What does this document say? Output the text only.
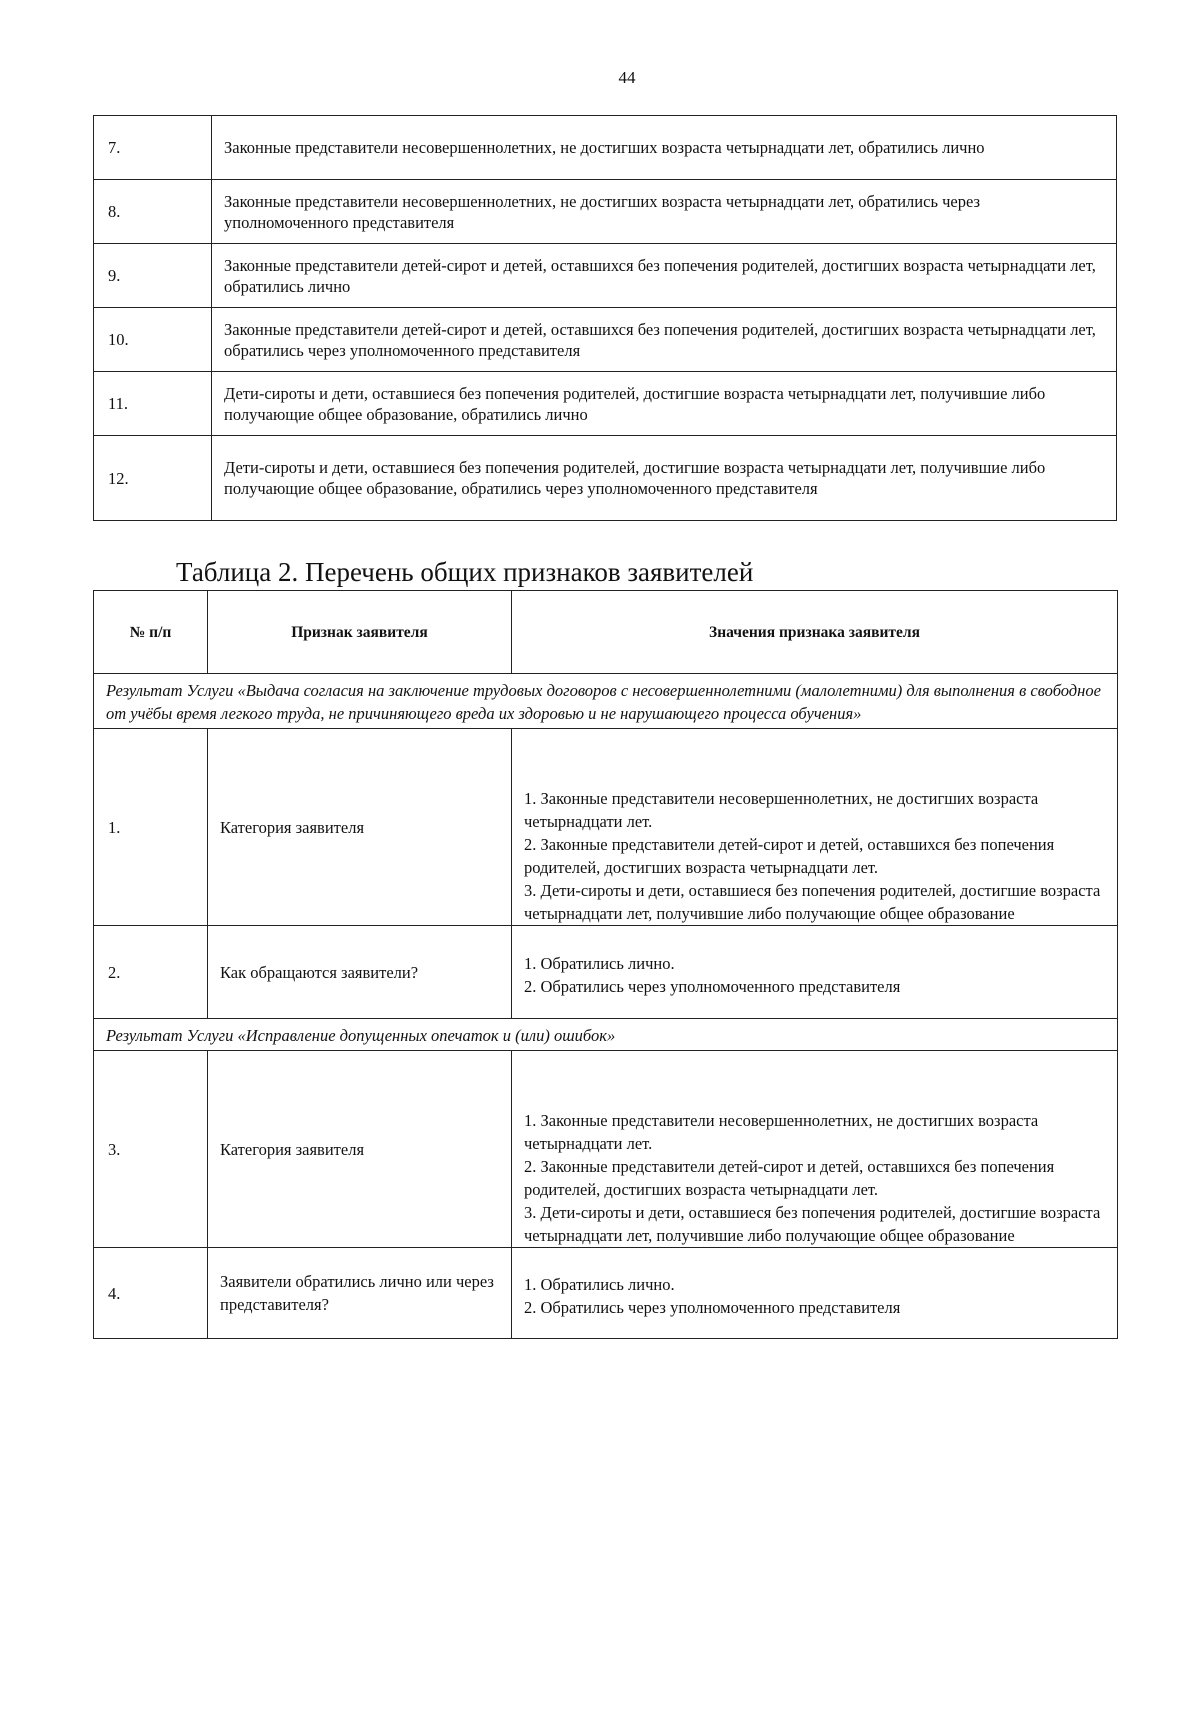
44
7.	Законные представители несовершеннолетних, не достигших возраста четырнадцати лет, обратились лично
8.	Законные представители несовершеннолетних, не достигших возраста четырнадцати лет, обратились через уполномоченного представителя
9.	Законные представители детей-сирот и детей, оставшихся без попечения родителей, достигших возраста четырнадцати лет, обратились лично
10.	Законные представители детей-сирот и детей, оставшихся без попечения родителей, достигших возраста четырнадцати лет, обратились через уполномоченного представителя
11.	Дети-сироты и дети, оставшиеся без попечения родителей, достигшие возраста четырнадцати лет, получившие либо получающие общее образование, обратились лично
12.	Дети-сироты и дети, оставшиеся без попечения родителей, достигшие возраста четырнадцати лет, получившие либо получающие общее образование, обратились через уполномоченного представителя
Таблица 2. Перечень общих признаков заявителей
№ п/п	Признак заявителя	Значения признака заявителя
Результат Услуги «Выдача согласия на заключение трудовых договоров с несовершеннолетними (малолетними) для выполнения в свободное от учёбы время легкого труда, не причиняющего вреда их здоровью и не нарушающего процесса обучения»		
1.	Категория заявителя	1. Законные представители несовершеннолетних, не достигших возраста четырнадцати лет.
2. Законные представители детей-сирот и детей, оставшихся без попечения родителей, достигших возраста четырнадцати лет.
3. Дети-сироты и дети, оставшиеся без попечения родителей, достигшие возраста четырнадцати лет, получившие либо получающие общее образование

2.	Как обращаются заявители?	1. Обратились лично.
2. Обратились через уполномоченного представителя

Результат Услуги «Исправление допущенных опечаток и (или) ошибок»		
3.	Категория заявителя	1. Законные представители несовершеннолетних, не достигших возраста четырнадцати лет.
2. Законные представители детей-сирот и детей, оставшихся без попечения родителей, достигших возраста четырнадцати лет.
3. Дети-сироты и дети, оставшиеся без попечения родителей, достигшие возраста четырнадцати лет, получившие либо получающие общее образование

4.	Заявители обратились лично или через представителя?	1. Обратились лично.
2. Обратились через уполномоченного представителя
